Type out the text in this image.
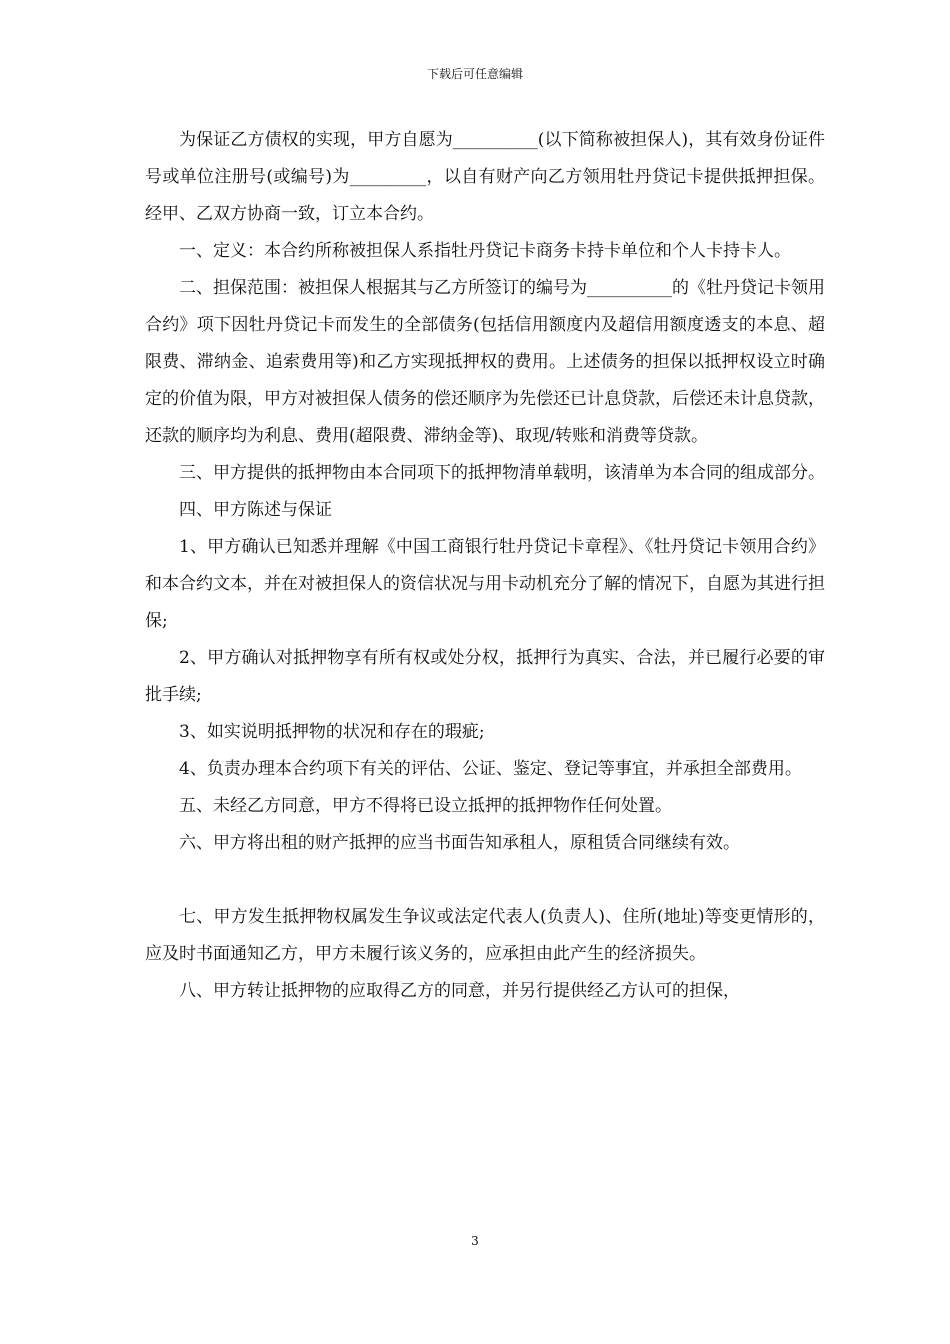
下载后可任意编辑

为保证乙方债权的实现，甲方自愿为__________(以下简称被担保人)，其有效身份证件号或单位注册号(或编号)为_________，以自有财产向乙方领用牡丹贷记卡提供抵押担保。经甲、乙双方协商一致，订立本合约。

一、定义：本合约所称被担保人系指牡丹贷记卡商务卡持卡单位和个人卡持卡人。

二、担保范围：被担保人根据其与乙方所签订的编号为__________的《牡丹贷记卡领用合约》项下因牡丹贷记卡而发生的全部债务(包括信用额度内及超信用额度透支的本息、超限费、滞纳金、追索费用等)和乙方实现抵押权的费用。上述债务的担保以抵押权设立时确定的价值为限，甲方对被担保人债务的偿还顺序为先偿还已计息贷款，后偿还未计息贷款，还款的顺序均为利息、费用(超限费、滞纳金等)、取现/转账和消费等贷款。

三、甲方提供的抵押物由本合同项下的抵押物清单载明，该清单为本合同的组成部分。

四、甲方陈述与保证

1、甲方确认已知悉并理解《中国工商银行牡丹贷记卡章程》、《牡丹贷记卡领用合约》和本合约文本，并在对被担保人的资信状况与用卡动机充分了解的情况下，自愿为其进行担保;

2、甲方确认对抵押物享有所有权或处分权，抵押行为真实、合法，并已履行必要的审批手续;

3、如实说明抵押物的状况和存在的瑕疵;

4、负责办理本合约项下有关的评估、公证、鉴定、登记等事宜，并承担全部费用。

五、未经乙方同意，甲方不得将已设立抵押的抵押物作任何处置。

六、甲方将出租的财产抵押的应当书面告知承租人，原租赁合同继续有效。

七、甲方发生抵押物权属发生争议或法定代表人(负责人)、住所(地址)等变更情形的，应及时书面通知乙方，甲方未履行该义务的，应承担由此产生的经济损失。

八、甲方转让抵押物的应取得乙方的同意，并另行提供经乙方认可的担保，

3
